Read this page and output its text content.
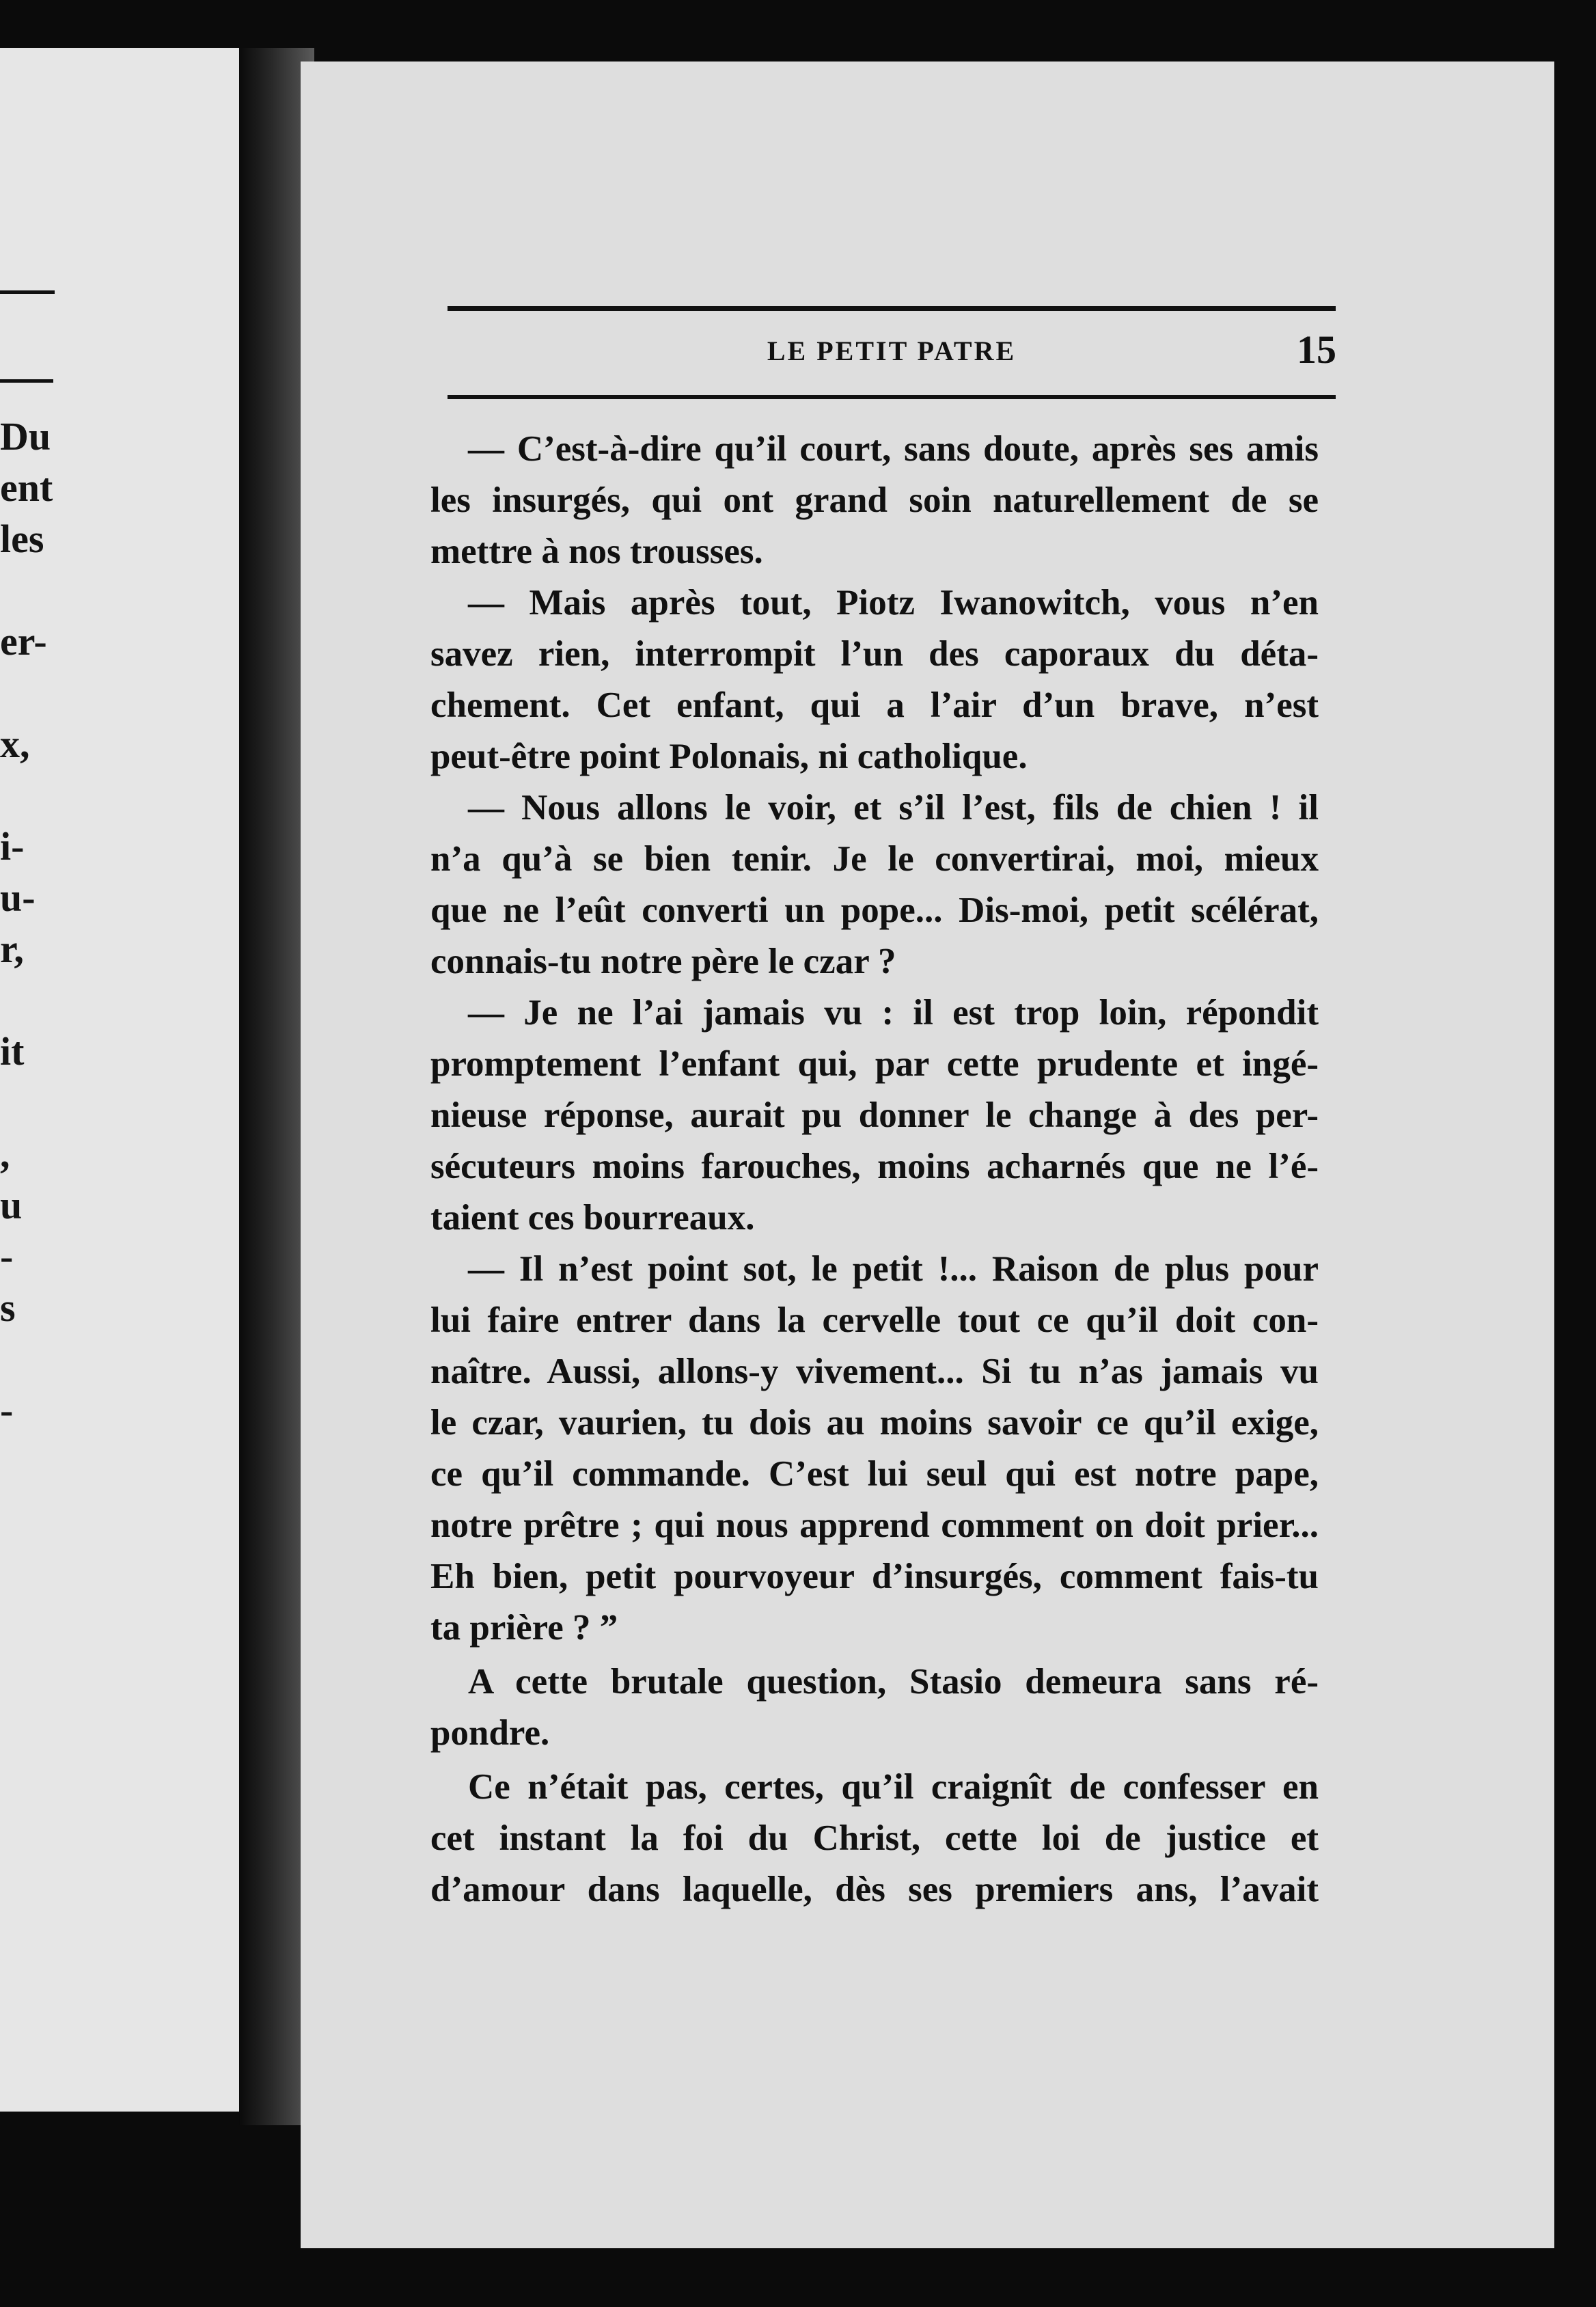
Du
ent
les
er-
x,
i-
u-
r,
it
,
u
-
s
-
LE PETIT PATRE	15
— C’est-à-dire qu’il court, sans doute, après ses amis
les insurgés, qui ont grand soin naturellement de se
mettre à nos trousses.
— Mais après tout, Piotz Iwanowitch, vous n’en
savez rien, interrompit l’un des caporaux du déta-
chement. Cet enfant, qui a l’air d’un brave, n’est
peut-être point Polonais, ni catholique.
— Nous allons le voir, et s’il l’est, fils de chien ! il
n’a qu’à se bien tenir. Je le convertirai, moi, mieux
que ne l’eût converti un pope... Dis-moi, petit scélérat,
connais-tu notre père le czar ?
— Je ne l’ai jamais vu : il est trop loin, répondit
promptement l’enfant qui, par cette prudente et ingé-
nieuse réponse, aurait pu donner le change à des per-
sécuteurs moins farouches, moins acharnés que ne l’é-
taient ces bourreaux.
— Il n’est point sot, le petit !... Raison de plus pour
lui faire entrer dans la cervelle tout ce qu’il doit con-
naître. Aussi, allons-y vivement... Si tu n’as jamais vu
le czar, vaurien, tu dois au moins savoir ce qu’il exige,
ce qu’il commande. C’est lui seul qui est notre pape,
notre prêtre ; qui nous apprend comment on doit prier...
Eh bien, petit pourvoyeur d’insurgés, comment fais-tu
ta prière ? ”
A cette brutale question, Stasio demeura sans ré-
pondre.
Ce n’était pas, certes, qu’il craignît de confesser en
cet instant la foi du Christ, cette loi de justice et
d’amour dans laquelle, dès ses premiers ans, l’avait
